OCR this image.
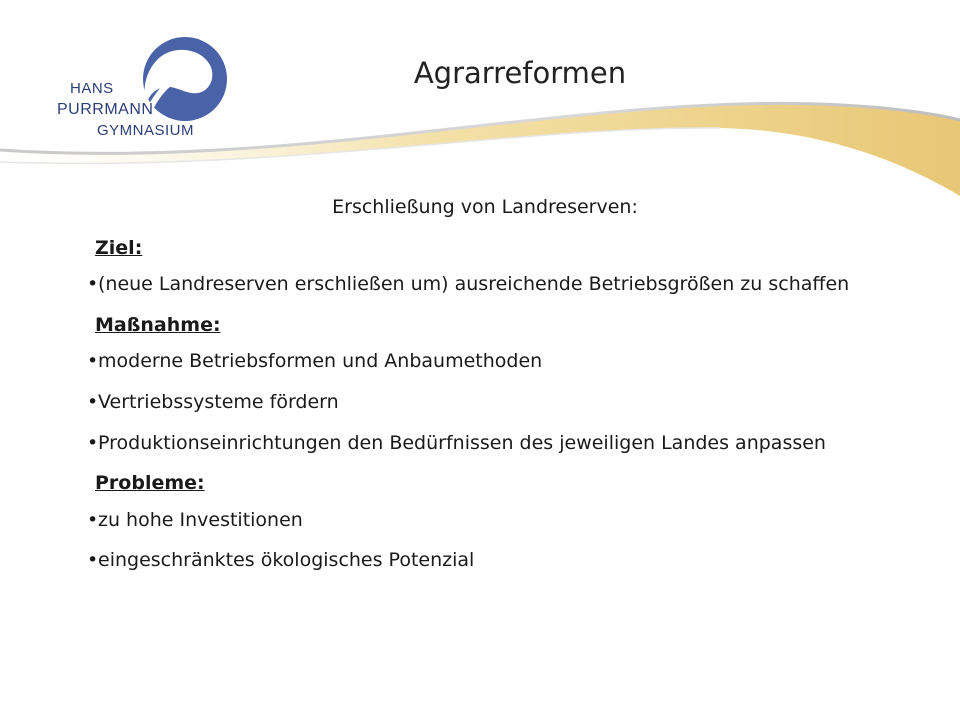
HANS
PURRMANN
GYMNASIUM
Agrarreformen
Erschließung von Landreserven:
Ziel:
• (neue Landreserven erschließen um) ausreichende Betriebsgrößen zu schaffen
Maßnahme:
• moderne Betriebsformen und Anbaumethoden
• Vertriebssysteme fördern
• Produktionseinrichtungen den Bedürfnissen des jeweiligen Landes anpassen
Probleme:
• zu hohe Investitionen
• eingeschränktes ökologisches Potenzial
